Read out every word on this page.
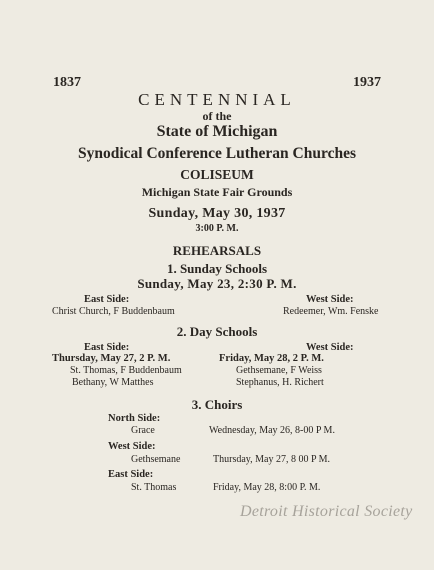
1837	1937
CENTENNIAL
of the
State of Michigan
Synodical Conference Lutheran Churches
COLISEUM
Michigan State Fair Grounds
Sunday, May 30, 1937
3:00 P. M.
REHEARSALS
1. Sunday Schools
Sunday, May 23, 2:30 P. M.
East Side:
Christ Church, F Buddenbaum
West Side:
Redeemer, Wm. Fenske
2. Day Schools
East Side:
Thursday, May 27, 2 P. M.
St. Thomas, F Buddenbaum
Bethany, W Matthes
West Side:
Friday, May 28, 2 P. M.
Gethsemane, F Weiss
Stephanus, H. Richert
3. Choirs
North Side:
Grace	Wednesday, May 26, 8-00 P M.
West Side:
Gethsemane	Thursday, May 27, 8 00 P M.
East Side:
St. Thomas	Friday, May 28, 8:00 P. M.
Detroit Historical Society
